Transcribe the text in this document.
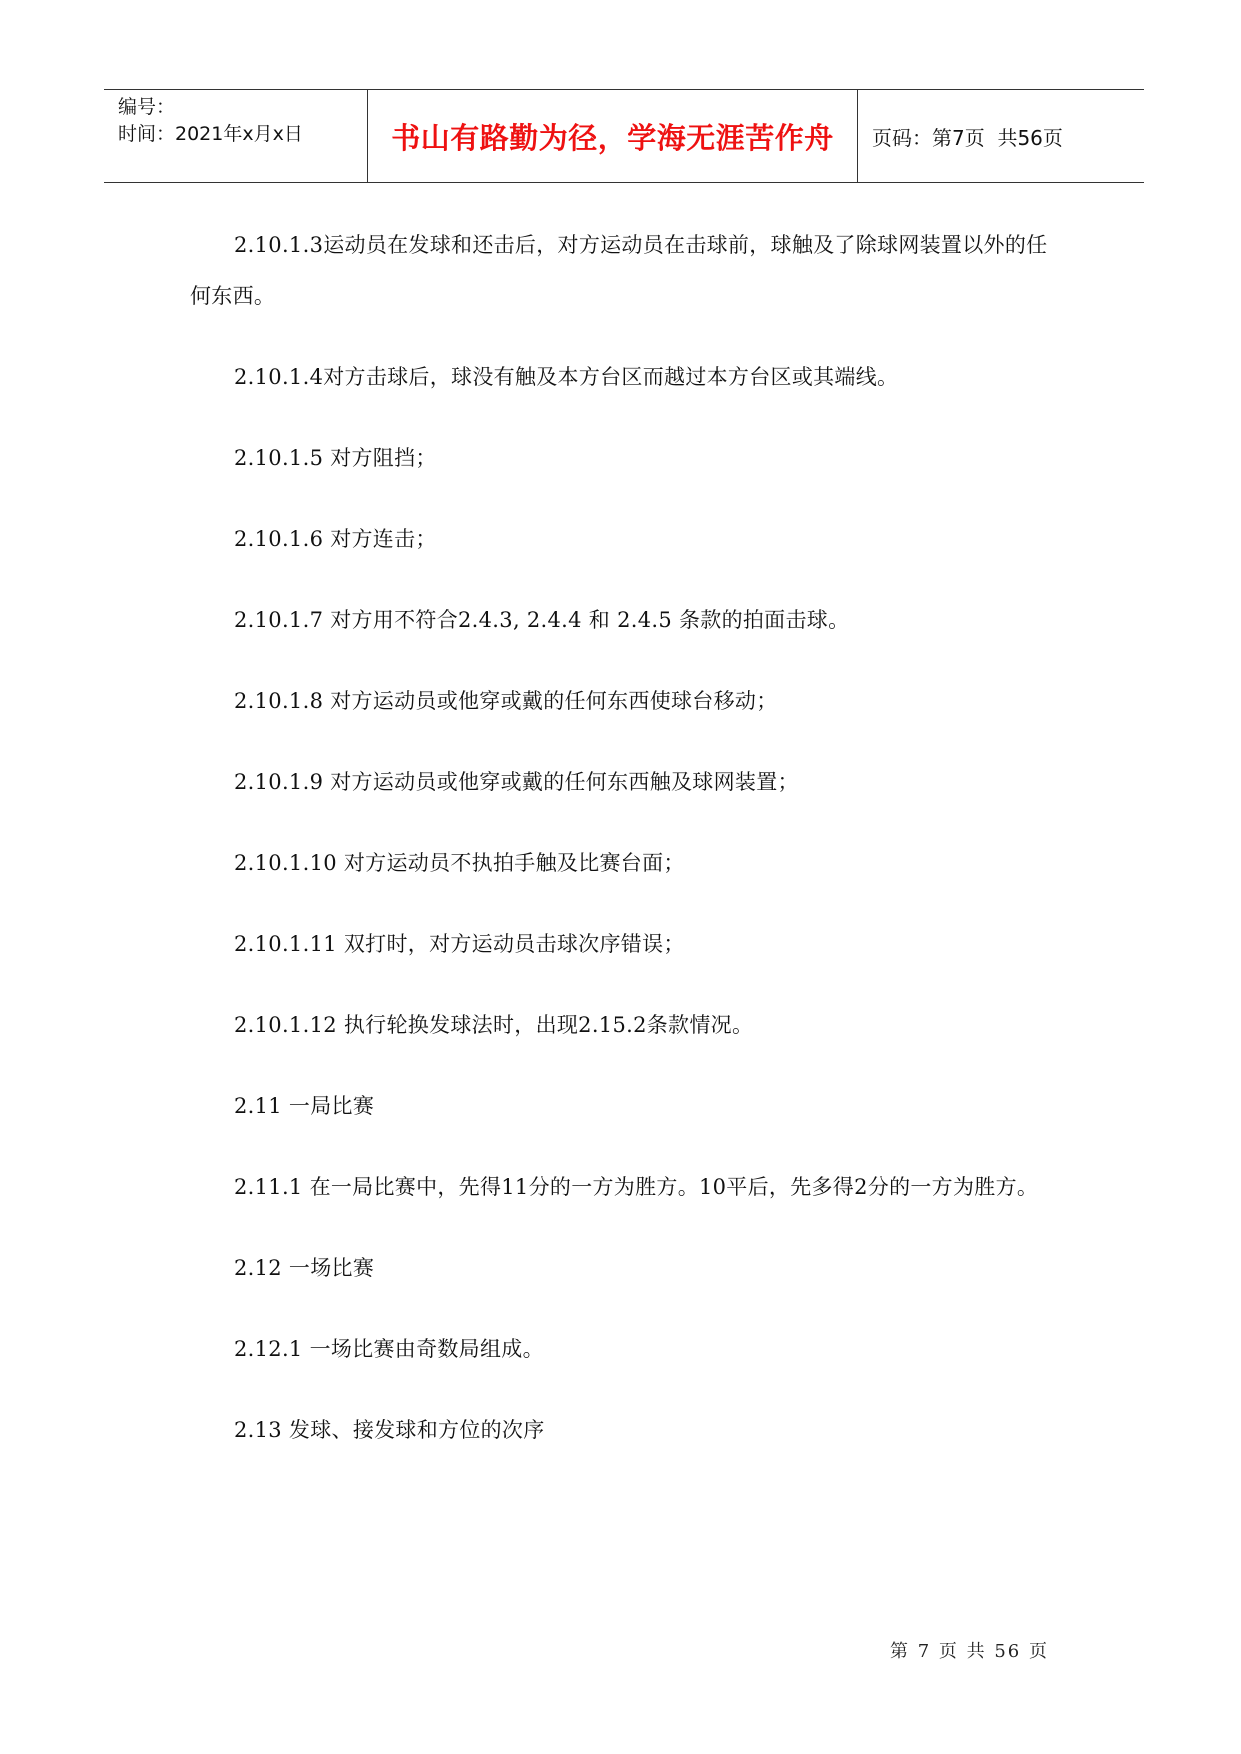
编号：
时间：2021年x月x日	书山有路勤为径，学海无涯苦作舟 页码：第7页  共56页

2.10.1.3运动员在发球和还击后，对方运动员在击球前，球触及了除球网装置以外的任何东西。

2.10.1.4对方击球后，球没有触及本方台区而越过本方台区或其端线。

2.10.1.5 对方阻挡；

2.10.1.6 对方连击；

2.10.1.7 对方用不符合2.4.3, 2.4.4 和 2.4.5 条款的拍面击球。

2.10.1.8 对方运动员或他穿或戴的任何东西使球台移动；

2.10.1.9 对方运动员或他穿或戴的任何东西触及球网装置；

2.10.1.10 对方运动员不执拍手触及比赛台面；

2.10.1.11 双打时，对方运动员击球次序错误；

2.10.1.12 执行轮换发球法时，出现2.15.2条款情况。

2.11 一局比赛

2.11.1 在一局比赛中，先得11分的一方为胜方。10平后，先多得2分的一方为胜方。

2.12 一场比赛

2.12.1 一场比赛由奇数局组成。

2.13 发球、接发球和方位的次序

第 7 页 共 56 页
